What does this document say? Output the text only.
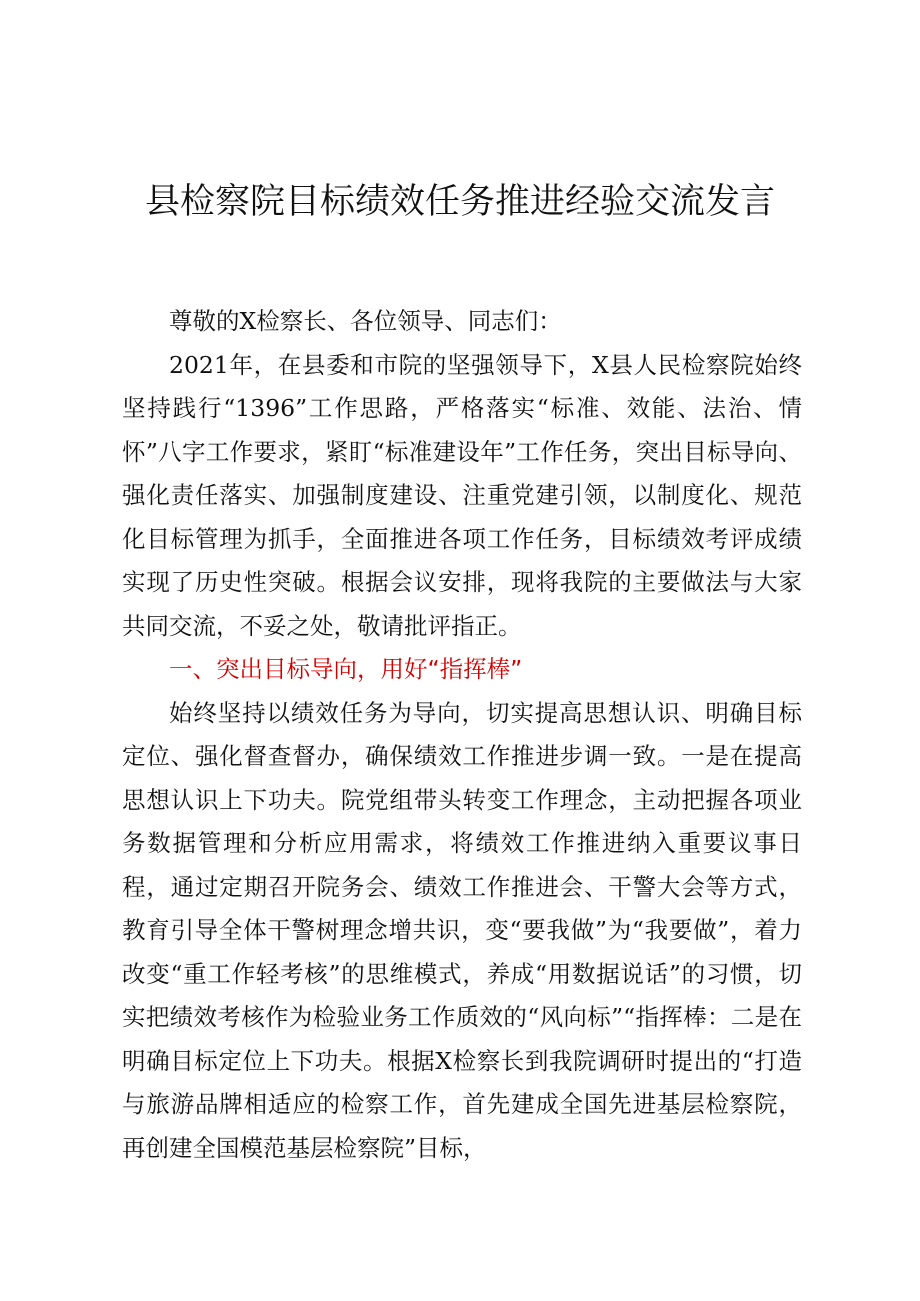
县检察院目标绩效任务推进经验交流发言

尊敬的X检察长、各位领导、同志们：

2021年，在县委和市院的坚强领导下，X县人民检察院始终坚持践行“1396”工作思路，严格落实“标准、效能、法治、情怀”八字工作要求，紧盯“标准建设年”工作任务，突出目标导向、强化责任落实、加强制度建设、注重党建引领，以制度化、规范化目标管理为抓手，全面推进各项工作任务，目标绩效考评成绩实现了历史性突破。根据会议安排，现将我院的主要做法与大家共同交流，不妥之处，敬请批评指正。

一、突出目标导向，用好“指挥棒”

始终坚持以绩效任务为导向，切实提高思想认识、明确目标定位、强化督查督办，确保绩效工作推进步调一致。一是在提高思想认识上下功夫。院党组带头转变工作理念，主动把握各项业务数据管理和分析应用需求，将绩效工作推进纳入重要议事日程，通过定期召开院务会、绩效工作推进会、干警大会等方式，教育引导全体干警树理念增共识，变“要我做”为“我要做”，着力改变“重工作轻考核”的思维模式，养成“用数据说话”的习惯，切实把绩效考核作为检验业务工作质效的“风向标”“指挥棒：二是在明确目标定位上下功夫。根据X检察长到我院调研时提出的“打造与旅游品牌相适应的检察工作，首先建成全国先进基层检察院，再创建全国模范基层检察院”目标，
